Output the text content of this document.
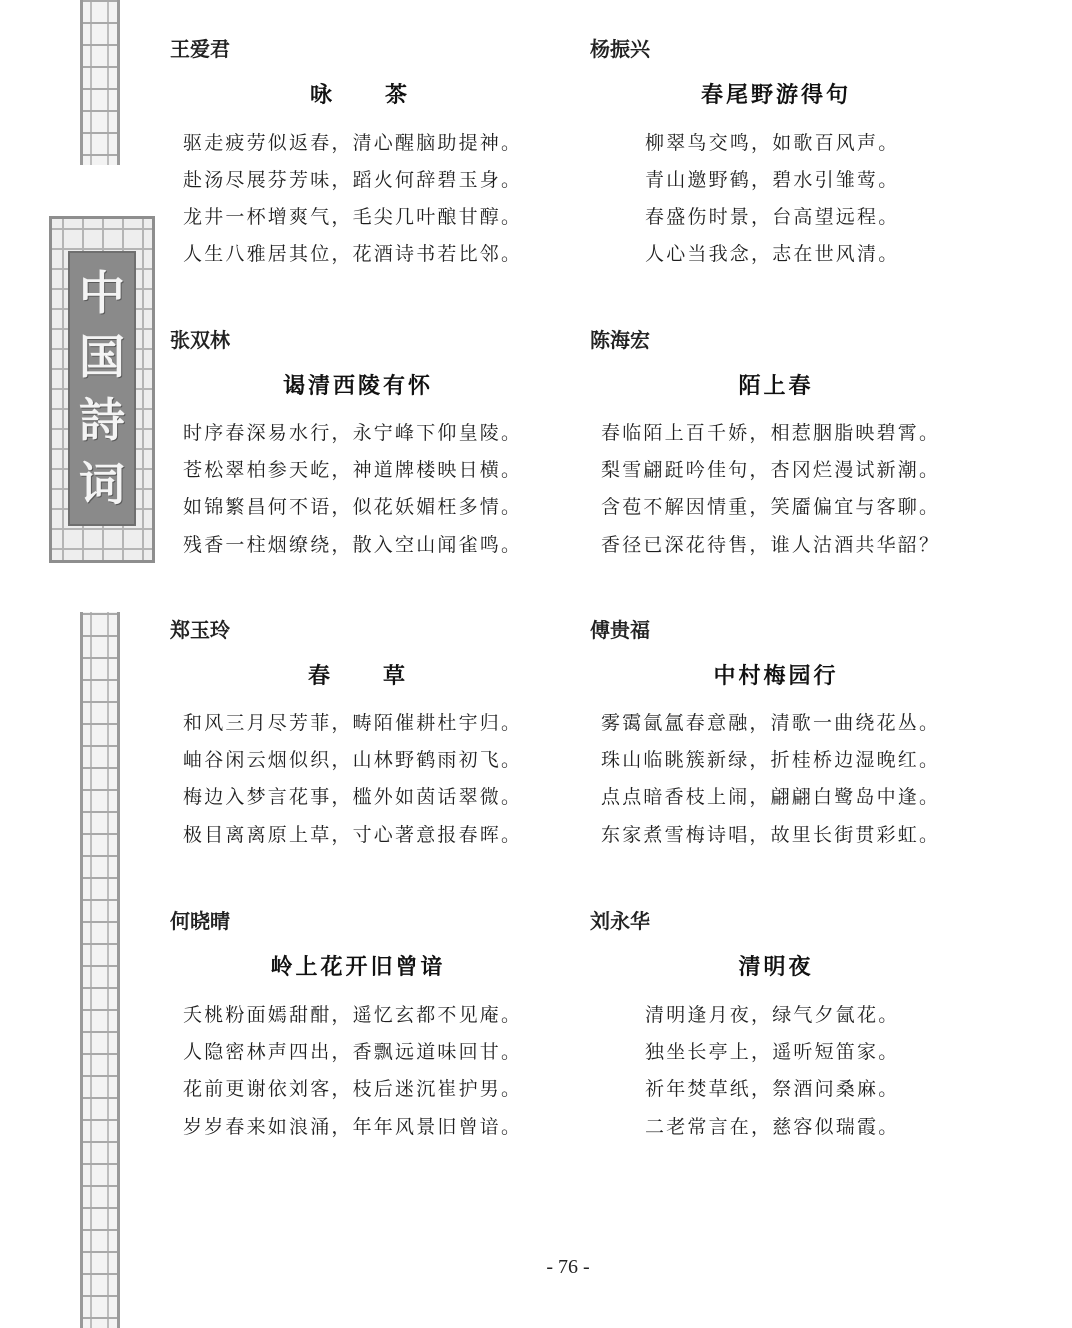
中
国
詩
词
王爱君
咏　　茶
驱走疲劳似返春，清心醒脑助提神。
赴汤尽展芬芳味，蹈火何辞碧玉身。
龙井一杯增爽气，毛尖几叶酿甘醇。
人生八雅居其位，花酒诗书若比邻。
杨振兴
春尾野游得句
柳翠鸟交鸣，如歌百风声。
青山邀野鹤，碧水引雏莺。
春盛伤时景，台高望远程。
人心当我念，志在世风清。
张双林
谒清西陵有怀
时序春深易水行，永宁峰下仰皇陵。
苍松翠柏参天屹，神道牌楼映日横。
如锦繁昌何不语，似花妖媚枉多情。
残香一柱烟缭绕，散入空山闻雀鸣。
陈海宏
陌上春
春临陌上百千娇，相惹胭脂映碧霄。
梨雪翩跹吟佳句，杏冈烂漫试新潮。
含苞不解因情重，笑靥偏宜与客聊。
香径已深花待售，谁人沽酒共华韶？
郑玉玲
春　　草
和风三月尽芳菲，畴陌催耕杜宇归。
岫谷闲云烟似织，山林野鹤雨初飞。
梅边入梦言花事，槛外如茵话翠微。
极目离离原上草，寸心著意报春晖。
傅贵福
中村梅园行
雾霭氤氲春意融，清歌一曲绕花丛。
珠山临眺簇新绿，折桂桥边湿晚红。
点点暗香枝上闹，翩翩白鹭岛中逢。
东家煮雪梅诗唱，故里长街贯彩虹。
何晓晴
岭上花开旧曾谙
夭桃粉面嫣甜酣，遥忆玄都不见庵。
人隐密林声四出，香飘远道味回甘。
花前更谢依刘客，枝后迷沉崔护男。
岁岁春来如浪涌，年年风景旧曾谙。
刘永华
清明夜
清明逢月夜，绿气夕氤花。
独坐长亭上，遥听短笛家。
祈年焚草纸，祭酒问桑麻。
二老常言在，慈容似瑞霞。
- 76 -
